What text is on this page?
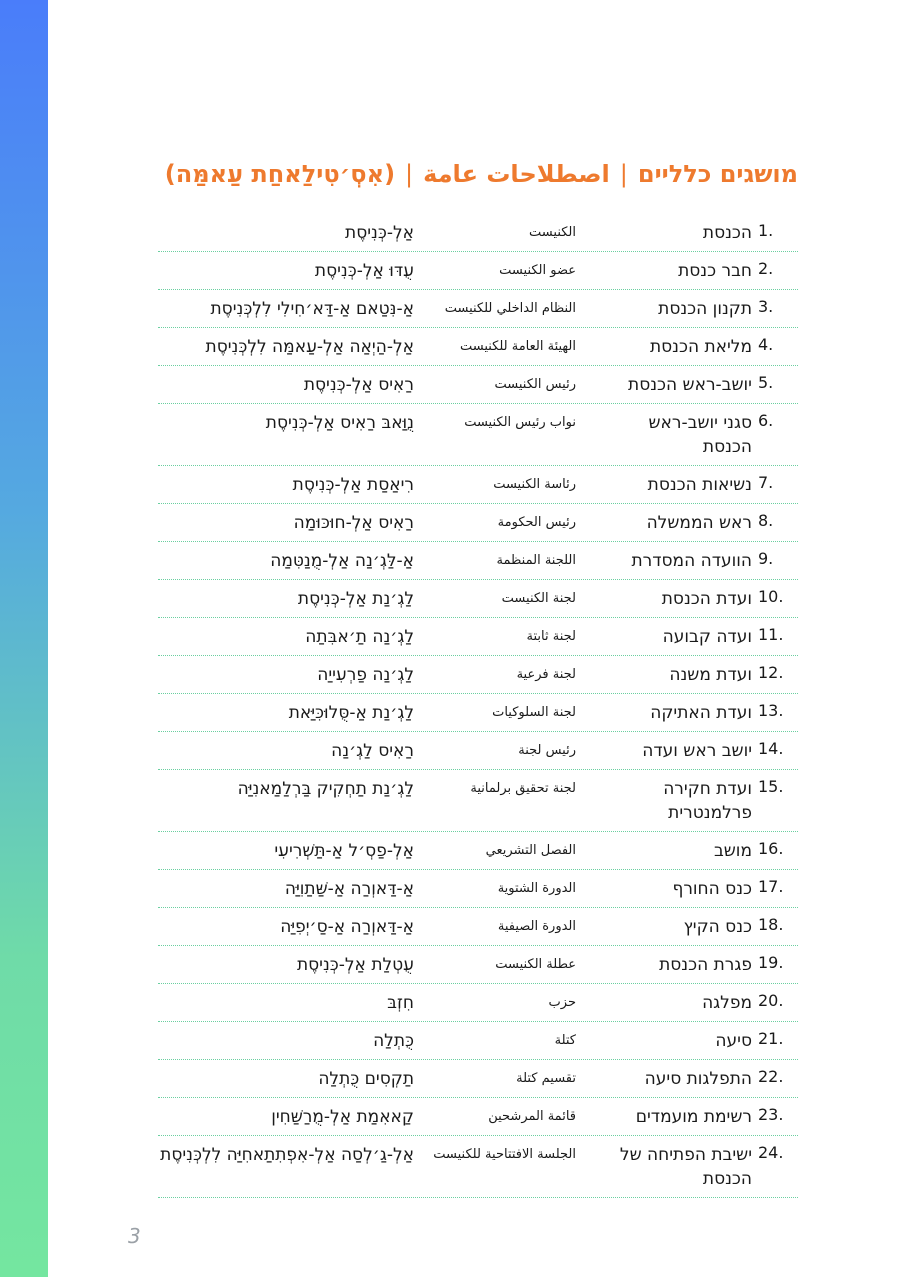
מושגים כלליים|اصطلاحات عامة|(אִסְ׳טִילַאחַת עַאמַּה)
1.
הכנסת
الكنيست
אַלְ-כְּנִיסֶת
2.
חבר כנסת
عضو الكنيست
עֻדּוּ אַלְ-כְּנִיסֶת
3.
תקנון הכנסת
النظام الداخلي للكنيست
אַ-נִּטַאם אַ-דַּא׳חִילִי לִלְכְּנִיסֶת
4.
מליאת הכנסת
الهيئة العامة للكنيست
אַלְ-הַיְאַה אַלְ-עַאמַּה לִלְכְּנִיסֶת
5.
יושב-ראש הכנסת
رئيس الكنيست
רַאִיס אַלְ-כְּנִיסֶת
6.
סגני יושב-ראש הכנסת
نواب رئيس الكنيست
נֻוַּאבּ רַאִיס אַלְ-כְּנִיסֶת
7.
נשיאות הכנסת
رئاسة الكنيست
רִיאַסַת אַלְ-כְּנִיסֶת
8.
ראש הממשלה
رئيس الحكومة
רַאִיס אַלְ-חוּכּוּמַה
9.
הוועדה המסדרת
اللجنة المنظمة
אַ-לַּגְ׳נַה אַלְ-מֻנַטִּמַה
10.
ועדת הכנסת
لجنة الكنيست
לַגְ׳נַת אַלְ-כְּנִיסֶת
11.
ועדה קבועה
لجنة ثابتة
לַגְ׳נַה תַ׳אבִּתַה
12.
ועדת משנה
لجنة فرعية
לַגְ׳נַה פַרְעִייַה
13.
ועדת האתיקה
لجنة السلوكيات
לַגְ׳נַת אַ-סֻּלוּכִּיַּאת
14.
יושב ראש ועדה
رئيس لجنة
רַאִיס לַגְ׳נַה
15.
ועדת חקירה פרלמנטרית
لجنة تحقيق برلمانية
לַגְ׳נַת תַחְקִיק בַּרְלַמַאנִיַּה
16.
מושב
الفصل التشريعي
אַלְ-פַסְ׳ל אַ-תַּשְׁרִיעִי
17.
כנס החורף
الدورة الشتوية
אַ-דַּאוְרַה אַ-שַּׁתַוִיַּה
18.
כנס הקיץ
الدورة الصيفية
אַ-דַּאוְרַה אַ-סַ׳יְפִיַּה
19.
פגרת הכנסת
عطلة الكنيست
עֻטְלַת אַלְ-כְּנִיסֶת
20.
מפלגה
حزب
חִזְבּ
21.
סיעה
كتلة
כֻּתְלַה
22.
התפלגות סיעה
تقسيم كتلة
תַקְסִים כֻּתְלַה
23.
רשימת מועמדים
قائمة المرشحين
קַאאִמַת אַלְ-מֻרַשַּׁחִין
24.
ישיבת הפתיחה של הכנסת
الجلسة الافتتاحية للكنيست
אַלְ-גַ׳לְסַה אַלְ-אִפְתִתַאחִיַּה לִלְכְּנִיסֶת
3
